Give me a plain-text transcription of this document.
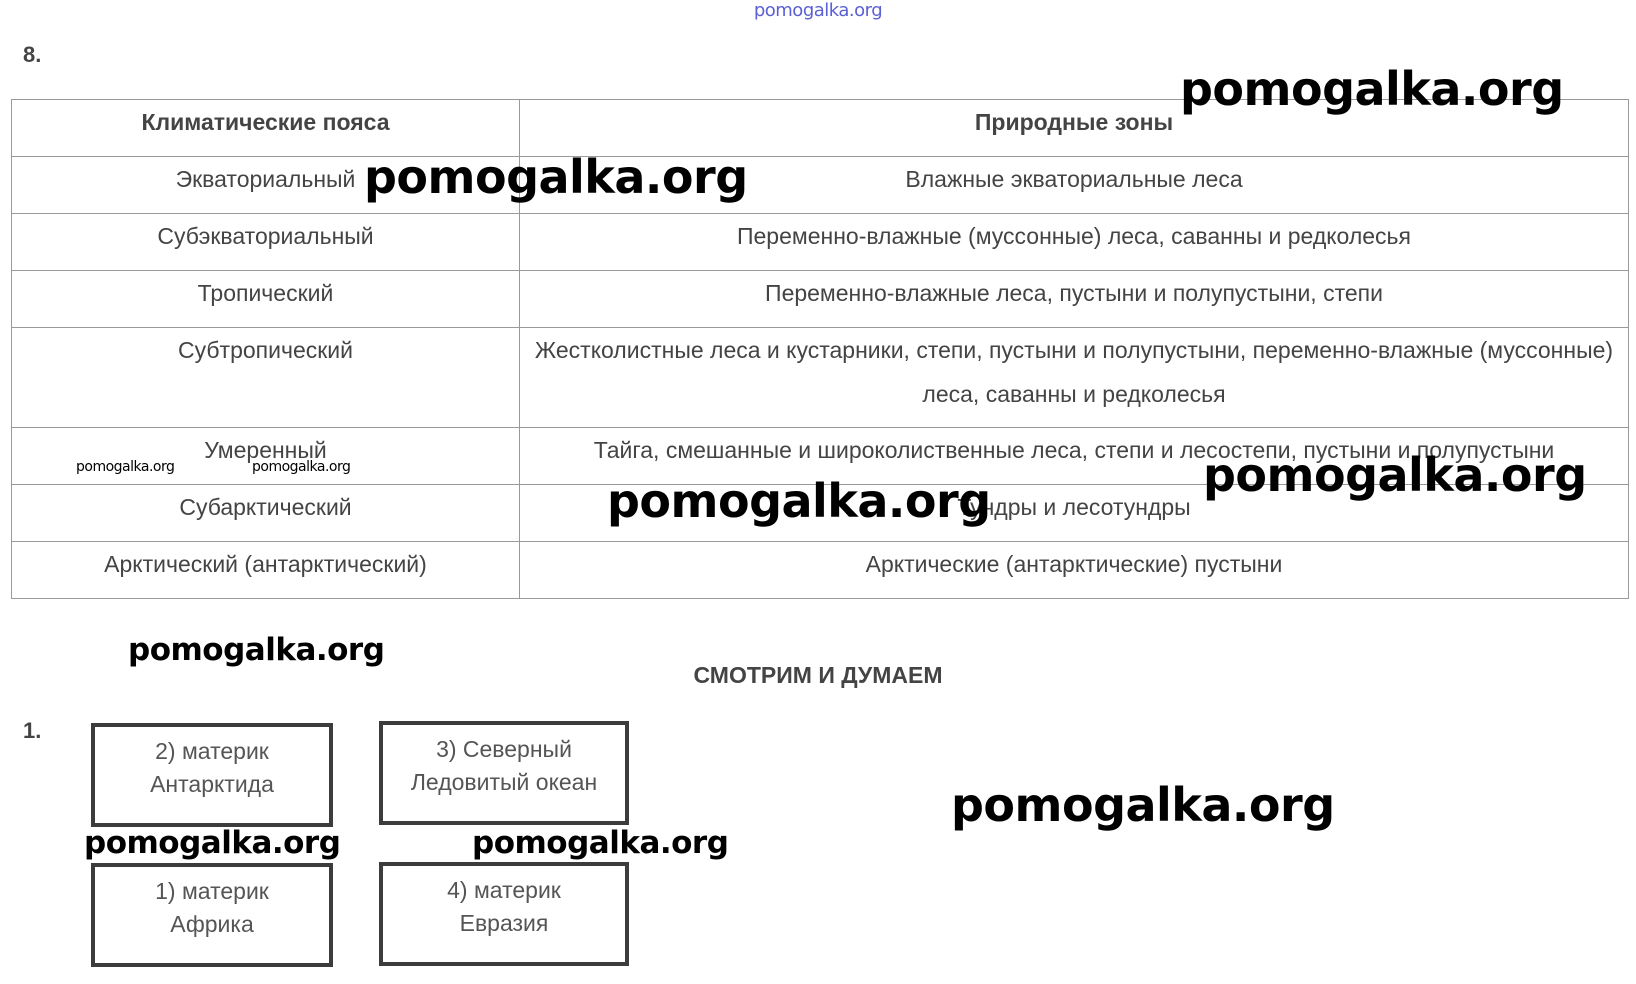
pomogalka.org
8.
Климатические пояса	Природные зоны
Экваториальный	Влажные экваториальные леса
Субэкваториальный	Переменно-влажные (муссонные) леса, саванны и редколесья
Тропический	Переменно-влажные леса, пустыни и полупустыни, степи
Субтропический	Жестколистные леса и кустарники, степи, пустыни и полупустыни, переменно-влажные (муссонные) леса, саванны и редколесья
Умеренный	Тайга, смешанные и широколиственные леса, степи и лесостепи, пустыни и полупустыни
Субарктический	Тундры и лесотундры
Арктический (антарктический)	Арктические (антарктические) пустыни
СМОТРИМ И ДУМАЕМ
1.
2) материк
Антарктида
3) Северный
Ледовитый океан
1) материк
Африка
4) материк
Евразия
pomogalka.org
pomogalka.org
pomogalka.org	pomogalka.org
pomogalka.org	pomogalka.org
pomogalka.org
pomogalka.org
pomogalka.org	pomogalka.org
